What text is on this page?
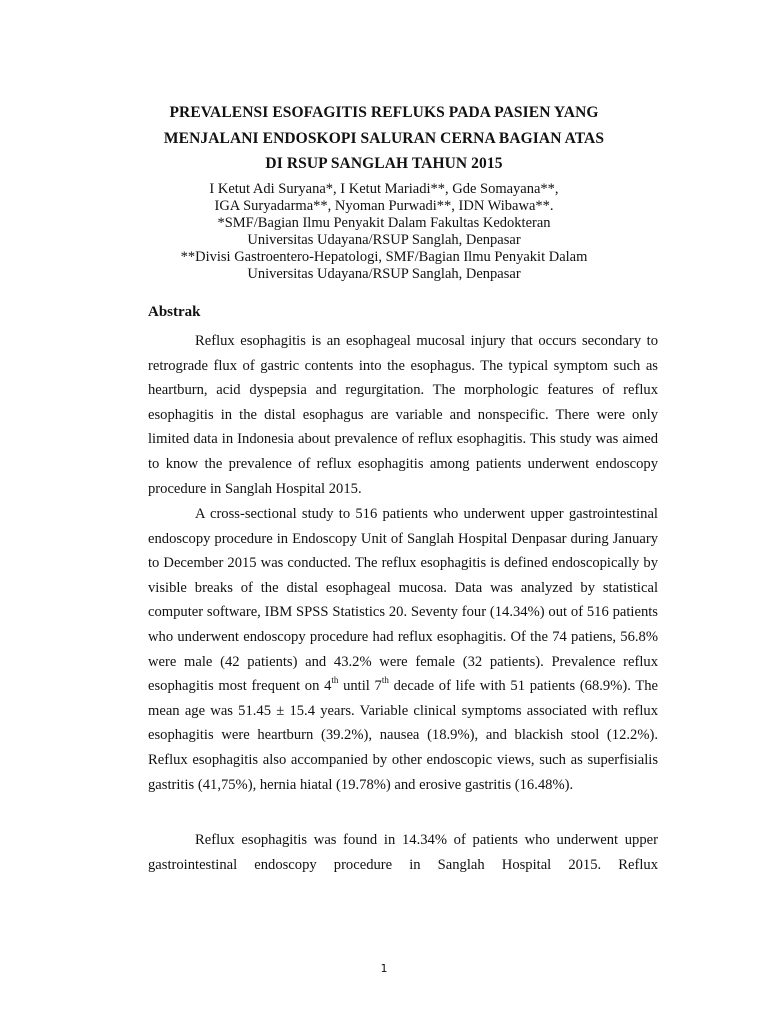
PREVALENSI ESOFAGITIS REFLUKS PADA PASIEN YANG
MENJALANI ENDOSKOPI SALURAN CERNA BAGIAN ATAS
DI RSUP SANGLAH TAHUN 2015
I Ketut Adi Suryana*, I Ketut Mariadi**, Gde Somayana**,
IGA Suryadarma**, Nyoman Purwadi**, IDN Wibawa**.
*SMF/Bagian Ilmu Penyakit Dalam Fakultas Kedokteran
Universitas Udayana/RSUP Sanglah, Denpasar
**Divisi Gastroentero-Hepatologi, SMF/Bagian Ilmu Penyakit Dalam
Universitas Udayana/RSUP Sanglah, Denpasar
Abstrak

Reflux esophagitis is an esophageal mucosal injury that occurs secondary to retrograde flux of gastric contents into the esophagus. The typical symptom such as heartburn, acid dyspepsia and regurgitation. The morphologic features of reflux esophagitis in the distal esophagus are variable and nonspecific. There were only limited data in Indonesia about prevalence of reflux esophagitis. This study was aimed to know the prevalence of reflux esophagitis among patients underwent endoscopy procedure in Sanglah Hospital 2015.

A cross-sectional study to 516 patients who underwent upper gastrointestinal endoscopy procedure in Endoscopy Unit of Sanglah Hospital Denpasar during January to December 2015 was conducted. The reflux esophagitis is defined endoscopically by visible breaks of the distal esophageal mucosa. Data was analyzed by statistical computer software, IBM SPSS Statistics 20. Seventy four (14.34%) out of 516 patients who underwent endoscopy procedure had reflux esophagitis. Of the 74 patiens, 56.8% were male (42 patients) and 43.2% were female (32 patients). Prevalence reflux esophagitis most frequent on 4th until 7th decade of life with 51 patients (68.9%). The mean age was 51.45 ± 15.4 years. Variable clinical symptoms associated with reflux esophagitis were heartburn (39.2%), nausea (18.9%), and blackish stool (12.2%). Reflux esophagitis also accompanied by other endoscopic views, such as superfisialis gastritis (41,75%), hernia hiatal (19.78%) and erosive gastritis (16.48%).

Reflux esophagitis was found in 14.34% of patients who underwent upper gastrointestinal endoscopy procedure in Sanglah Hospital 2015. Reflux

1
